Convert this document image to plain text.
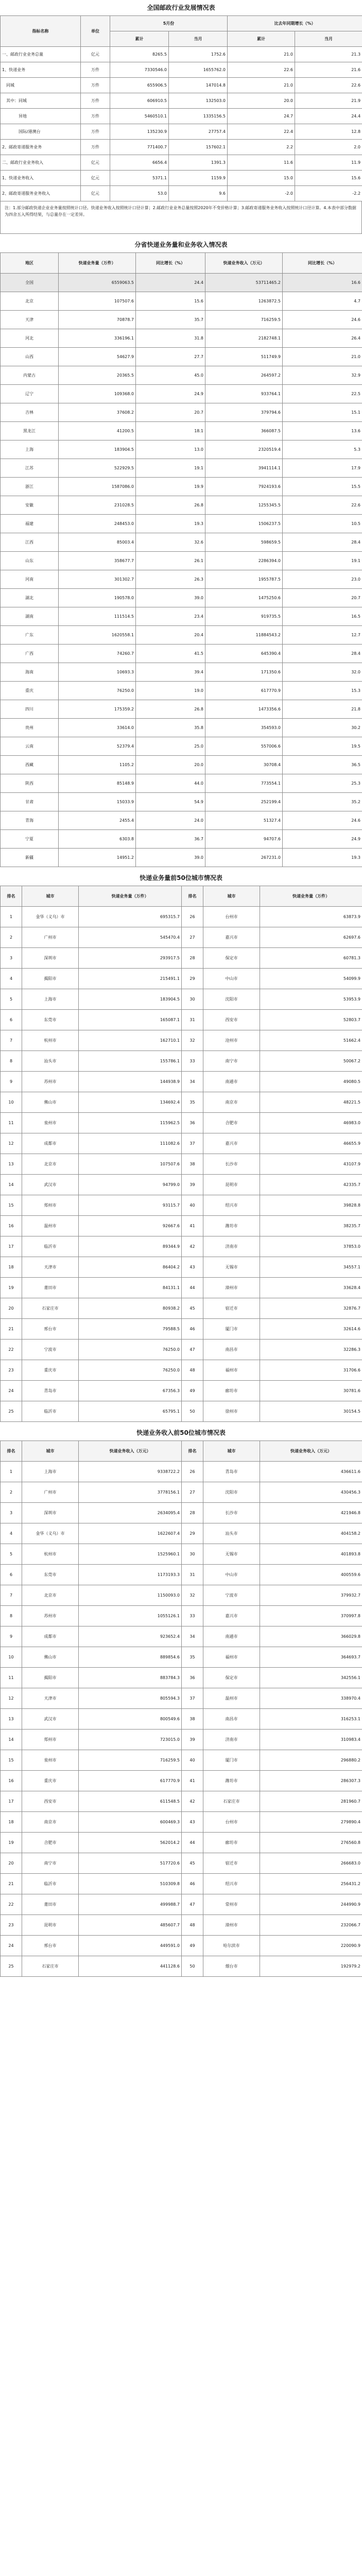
全国邮政行业发展情况表
指标名称	单位	5月份		比去年同期增长（%）	
		累计	当月	累计	当月
一、邮政行业业务总量	亿元	8265.5	1752.6	21.0	21.3
1、快递业务	万件	7330546.0	1655762.0	22.6	21.6
　同城	万件	655906.5	147014.8	21.0	22.6
　其中：同城	万件	606910.5	132503.0	20.0	21.9
　　　　异地	万件	5460510.1	1335156.5	24.7	24.4
　　　　国际/港澳台	万件	135230.9	27757.4	22.4	12.8
2、邮政寄递服务业务	万件	771400.7	157602.1	2.2	2.0
二、邮政行业业务收入	亿元	6656.4	1391.3	11.6	11.9
1、快递业务收入	亿元	5371.1	1159.9	15.0	15.6
2、邮政寄递服务业务收入	亿元	53.0	9.6	-2.0	-2.2
注：1.部分邮政快递企业业务量按照统计口径。快递业务收入按照统计口径计算；2.邮政行业业务总量按照2020年不变价格计算；3.邮政寄递服务业务收入按照统计口径计算。4.本表中部分数据为四舍五入所得结果，与总量存在一定差异。
分省快递业务量和业务收入情况表
地区	快递业务量（万件）	同比增长（%）	快递业务收入（万元）	同比增长（%）
全国	6559063.5	24.4	53711465.2	16.6
北京	107507.6	15.6	1263872.5	4.7
天津	70878.7	35.7	716259.5	24.6
河北	336196.1	31.8	2182748.1	26.4
山西	54627.9	27.7	511749.9	21.0
内蒙古	20365.5	45.0	264597.2	32.9
辽宁	109368.0	24.9	933764.1	22.5
吉林	37608.2	20.7	379794.6	15.1
黑龙江	41200.5	18.1	366087.5	13.6
上海	183904.5	13.0	2320519.4	5.3
江苏	522929.5	19.1	3941114.1	17.9
浙江	1587086.0	19.9	7924193.6	15.5
安徽	231028.5	26.8	1255345.5	22.6
福建	248453.0	19.3	1506237.5	10.5
江西	85003.4	32.6	598659.5	28.4
山东	358677.7	26.1	2286394.0	19.1
河南	301302.7	26.3	1955787.5	23.0
湖北	190578.0	39.0	1475250.6	20.7
湖南	111514.5	23.4	919735.5	16.5
广东	1620558.1	20.4	11884543.2	12.7
广西	74260.7	41.5	645390.4	28.4
海南	10693.3	39.4	171350.6	32.0
重庆	76250.0	19.0	617770.9	15.3
四川	175359.2	26.8	1473356.6	21.8
贵州	33614.0	35.8	354593.0	30.2
云南	52379.4	25.0	557006.6	19.5
西藏	1105.2	20.0	30708.4	36.5
陕西	85148.9	44.0	773554.1	25.3
甘肃	15033.9	54.9	252199.4	35.2
青海	2455.4	24.0	51327.4	24.6
宁夏	6303.8	36.7	94707.6	24.9
新疆	14951.2	39.0	267231.0	19.3
快递业务量前50位城市情况表
排名	城市	快递业务量（万件）	排名	城市	快递业务量（万件）
1	金华（义乌）市	695315.7	26	台州市	63873.9
2	广州市	545470.4	27	嘉兴市	62697.6
3	深圳市	293917.5	28	保定市	60781.3
4	揭阳市	215491.1	29	中山市	54099.9
5	上海市	183904.5	30	沈阳市	53953.9
6	东莞市	165087.1	31	西安市	52803.7
7	杭州市	162710.1	32	沧州市	51662.4
8	汕头市	155786.1	33	南宁市	50067.2
9	苏州市	144938.9	34	南通市	49080.5
10	佛山市	134692.4	35	南京市	48221.5
11	泉州市	115962.5	36	合肥市	46983.0
12	成都市	111082.6	37	嘉兴市	46655.9
13	北京市	107507.6	38	长沙市	43107.9
14	武汉市	94799.0	39	昆明市	42335.7
15	郑州市	93115.7	40	绍兴市	39828.8
16	温州市	92667.6	41	潍坊市	38235.7
17	临沂市	89344.9	42	济南市	37853.0
18	天津市	86404.2	43	无锡市	34557.1
19	莆田市	84131.1	44	漳州市	33628.4
20	石家庄市	80938.2	45	宿迁市	32876.7
21	邢台市	79588.5	46	厦门市	32614.6
22	宁波市	76250.0	47	南昌市	32286.3
23	重庆市	76250.0	48	福州市	31706.6
24	青岛市	67356.3	49	廊坊市	30781.6
25	临沂市	65795.1	50	徐州市	30154.5
快递业务收入前50位城市情况表
排名	城市	快递业务收入（万元）	排名	城市	快递业务收入（万元）
1	上海市	9338722.2	26	青岛市	436611.6
2	广州市	3778156.1	27	沈阳市	430456.3
3	深圳市	2634095.4	28	长沙市	421946.8
4	金华（义乌）市	1622607.4	29	汕头市	404158.2
5	杭州市	1525960.1	30	无锡市	401893.8
6	东莞市	1173193.3	31	中山市	400559.6
7	北京市	1150093.0	32	宁波市	379932.7
8	苏州市	1055126.1	33	嘉兴市	370997.8
9	成都市	923652.4	34	南通市	366029.8
10	佛山市	889854.6	35	福州市	364693.7
11	揭阳市	883784.3	36	保定市	342556.1
12	天津市	805594.3	37	温州市	338970.4
13	武汉市	800549.6	38	南昌市	316253.1
14	郑州市	723015.0	39	济南市	310983.4
15	泉州市	716259.5	40	厦门市	296880.2
16	重庆市	617770.9	41	潍坊市	286307.3
17	西安市	611548.5	42	石家庄市	281960.7
18	南京市	600469.3	43	台州市	279890.4
19	合肥市	562014.2	44	廊坊市	276560.8
20	南宁市	517720.6	45	宿迁市	266683.0
21	临沂市	510309.8	46	绍兴市	256431.2
22	莆田市	499988.7	47	常州市	244990.9
23	昆明市	485607.7	48	漳州市	232066.7
24	邢台市	449591.0	49	哈尔滨市	220090.9
25	石家庄市	441128.6	50	烟台市	192979.2
